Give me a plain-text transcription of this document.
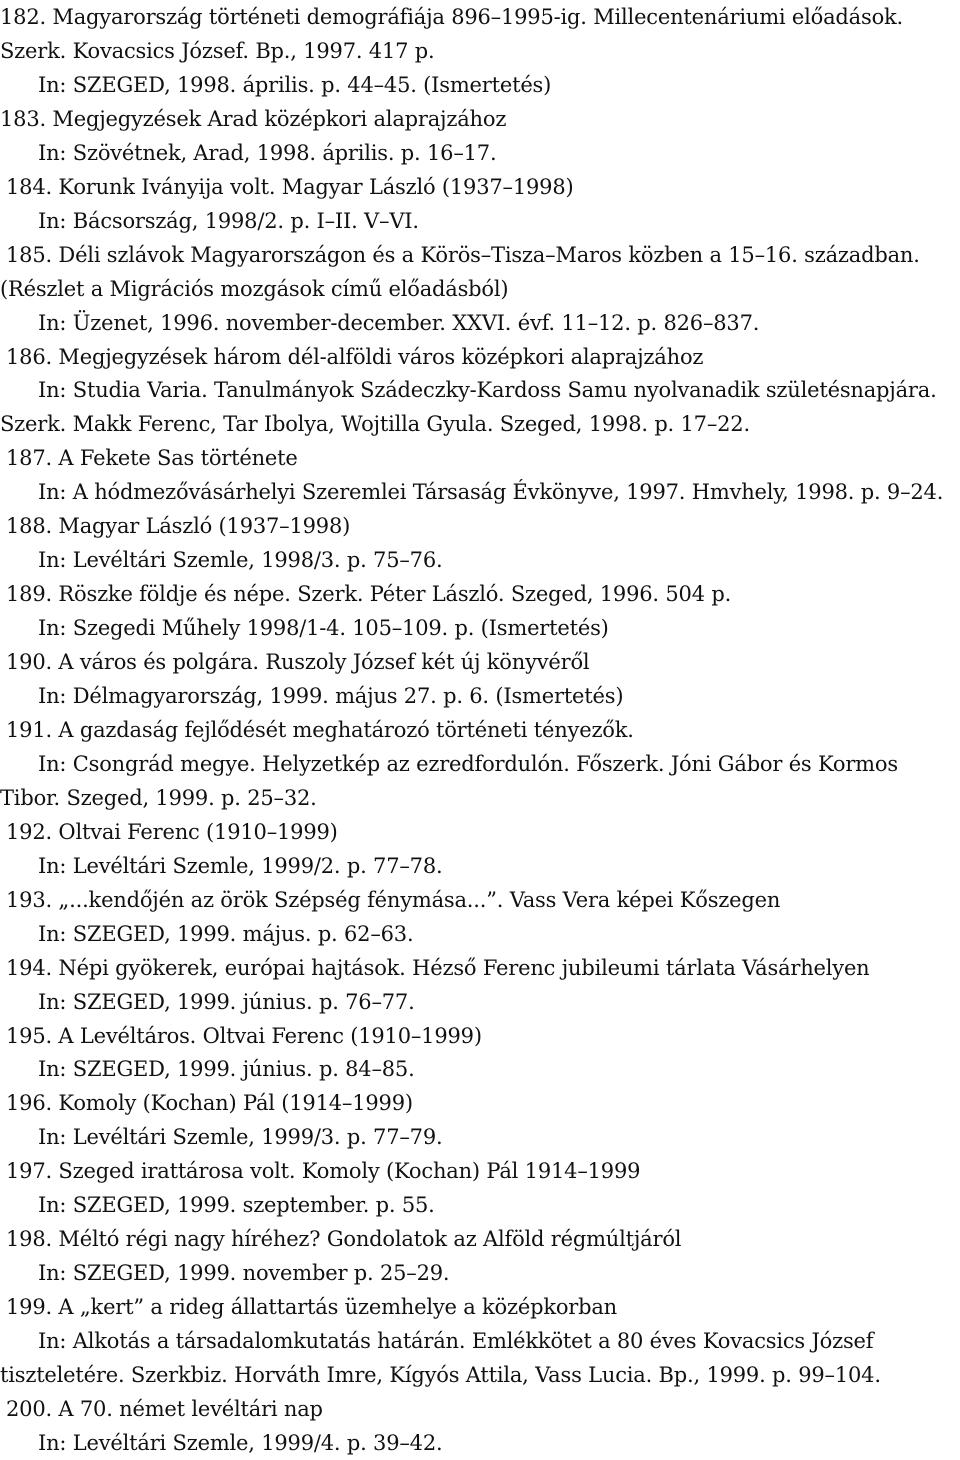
182. Magyarország történeti demográfiája 896–1995-ig. Millecentenáriumi előadások.
Szerk. Kovacsics József. Bp., 1997. 417 p.
In: SZEGED, 1998. április. p. 44–45. (Ismertetés)
183. Megjegyzések Arad középkori alaprajzához
In: Szövétnek, Arad, 1998. április. p. 16–17.
184. Korunk Iványija volt. Magyar László (1937–1998)
In: Bácsország, 1998/2. p. I–II. V–VI.
185. Déli szlávok Magyarországon és a Körös–Tisza–Maros közben a 15–16. században.
(Részlet a Migrációs mozgások című előadásból)
In: Üzenet, 1996. november-december. XXVI. évf. 11–12. p. 826–837.
186. Megjegyzések három dél-alföldi város középkori alaprajzához
In: Studia Varia. Tanulmányok Szádeczky-Kardoss Samu nyolvanadik születésnapjára.
Szerk. Makk Ferenc, Tar Ibolya, Wojtilla Gyula. Szeged, 1998. p. 17–22.
187. A Fekete Sas története
In: A hódmezővásárhelyi Szeremlei Társaság Évkönyve, 1997. Hmvhely, 1998. p. 9–24.
188. Magyar László (1937–1998)
In: Levéltári Szemle, 1998/3. p. 75–76.
189. Röszke földje és népe. Szerk. Péter László. Szeged, 1996. 504 p.
In: Szegedi Műhely 1998/1-4. 105–109. p. (Ismertetés)
190. A város és polgára. Ruszoly József két új könyvéről
In: Délmagyarország, 1999. május 27. p. 6. (Ismertetés)
191. A gazdaság fejlődését meghatározó történeti tényezők.
In: Csongrád megye. Helyzetkép az ezredfordulón. Főszerk. Jóni Gábor és Kormos
Tibor. Szeged, 1999. p. 25–32.
192. Oltvai Ferenc (1910–1999)
In: Levéltári Szemle, 1999/2. p. 77–78.
193. „...kendőjén az örök Szépség fénymása...”. Vass Vera képei Kőszegen
In: SZEGED, 1999. május. p. 62–63.
194. Népi gyökerek, európai hajtások. Hézső Ferenc jubileumi tárlata Vásárhelyen
In: SZEGED, 1999. június. p. 76–77.
195. A Levéltáros. Oltvai Ferenc (1910–1999)
In: SZEGED, 1999. június. p. 84–85.
196. Komoly (Kochan) Pál (1914–1999)
In: Levéltári Szemle, 1999/3. p. 77–79.
197. Szeged irattárosa volt. Komoly (Kochan) Pál 1914–1999
In: SZEGED, 1999. szeptember. p. 55.
198. Méltó régi nagy híréhez? Gondolatok az Alföld régmúltjáról
In: SZEGED, 1999. november p. 25–29.
199. A „kert” a rideg állattartás üzemhelye a középkorban
In: Alkotás a társadalomkutatás határán. Emlékkötet a 80 éves Kovacsics József
tiszteletére. Szerkbiz. Horváth Imre, Kígyós Attila, Vass Lucia. Bp., 1999. p. 99–104.
200. A 70. német levéltári nap
In: Levéltári Szemle, 1999/4. p. 39–42.
